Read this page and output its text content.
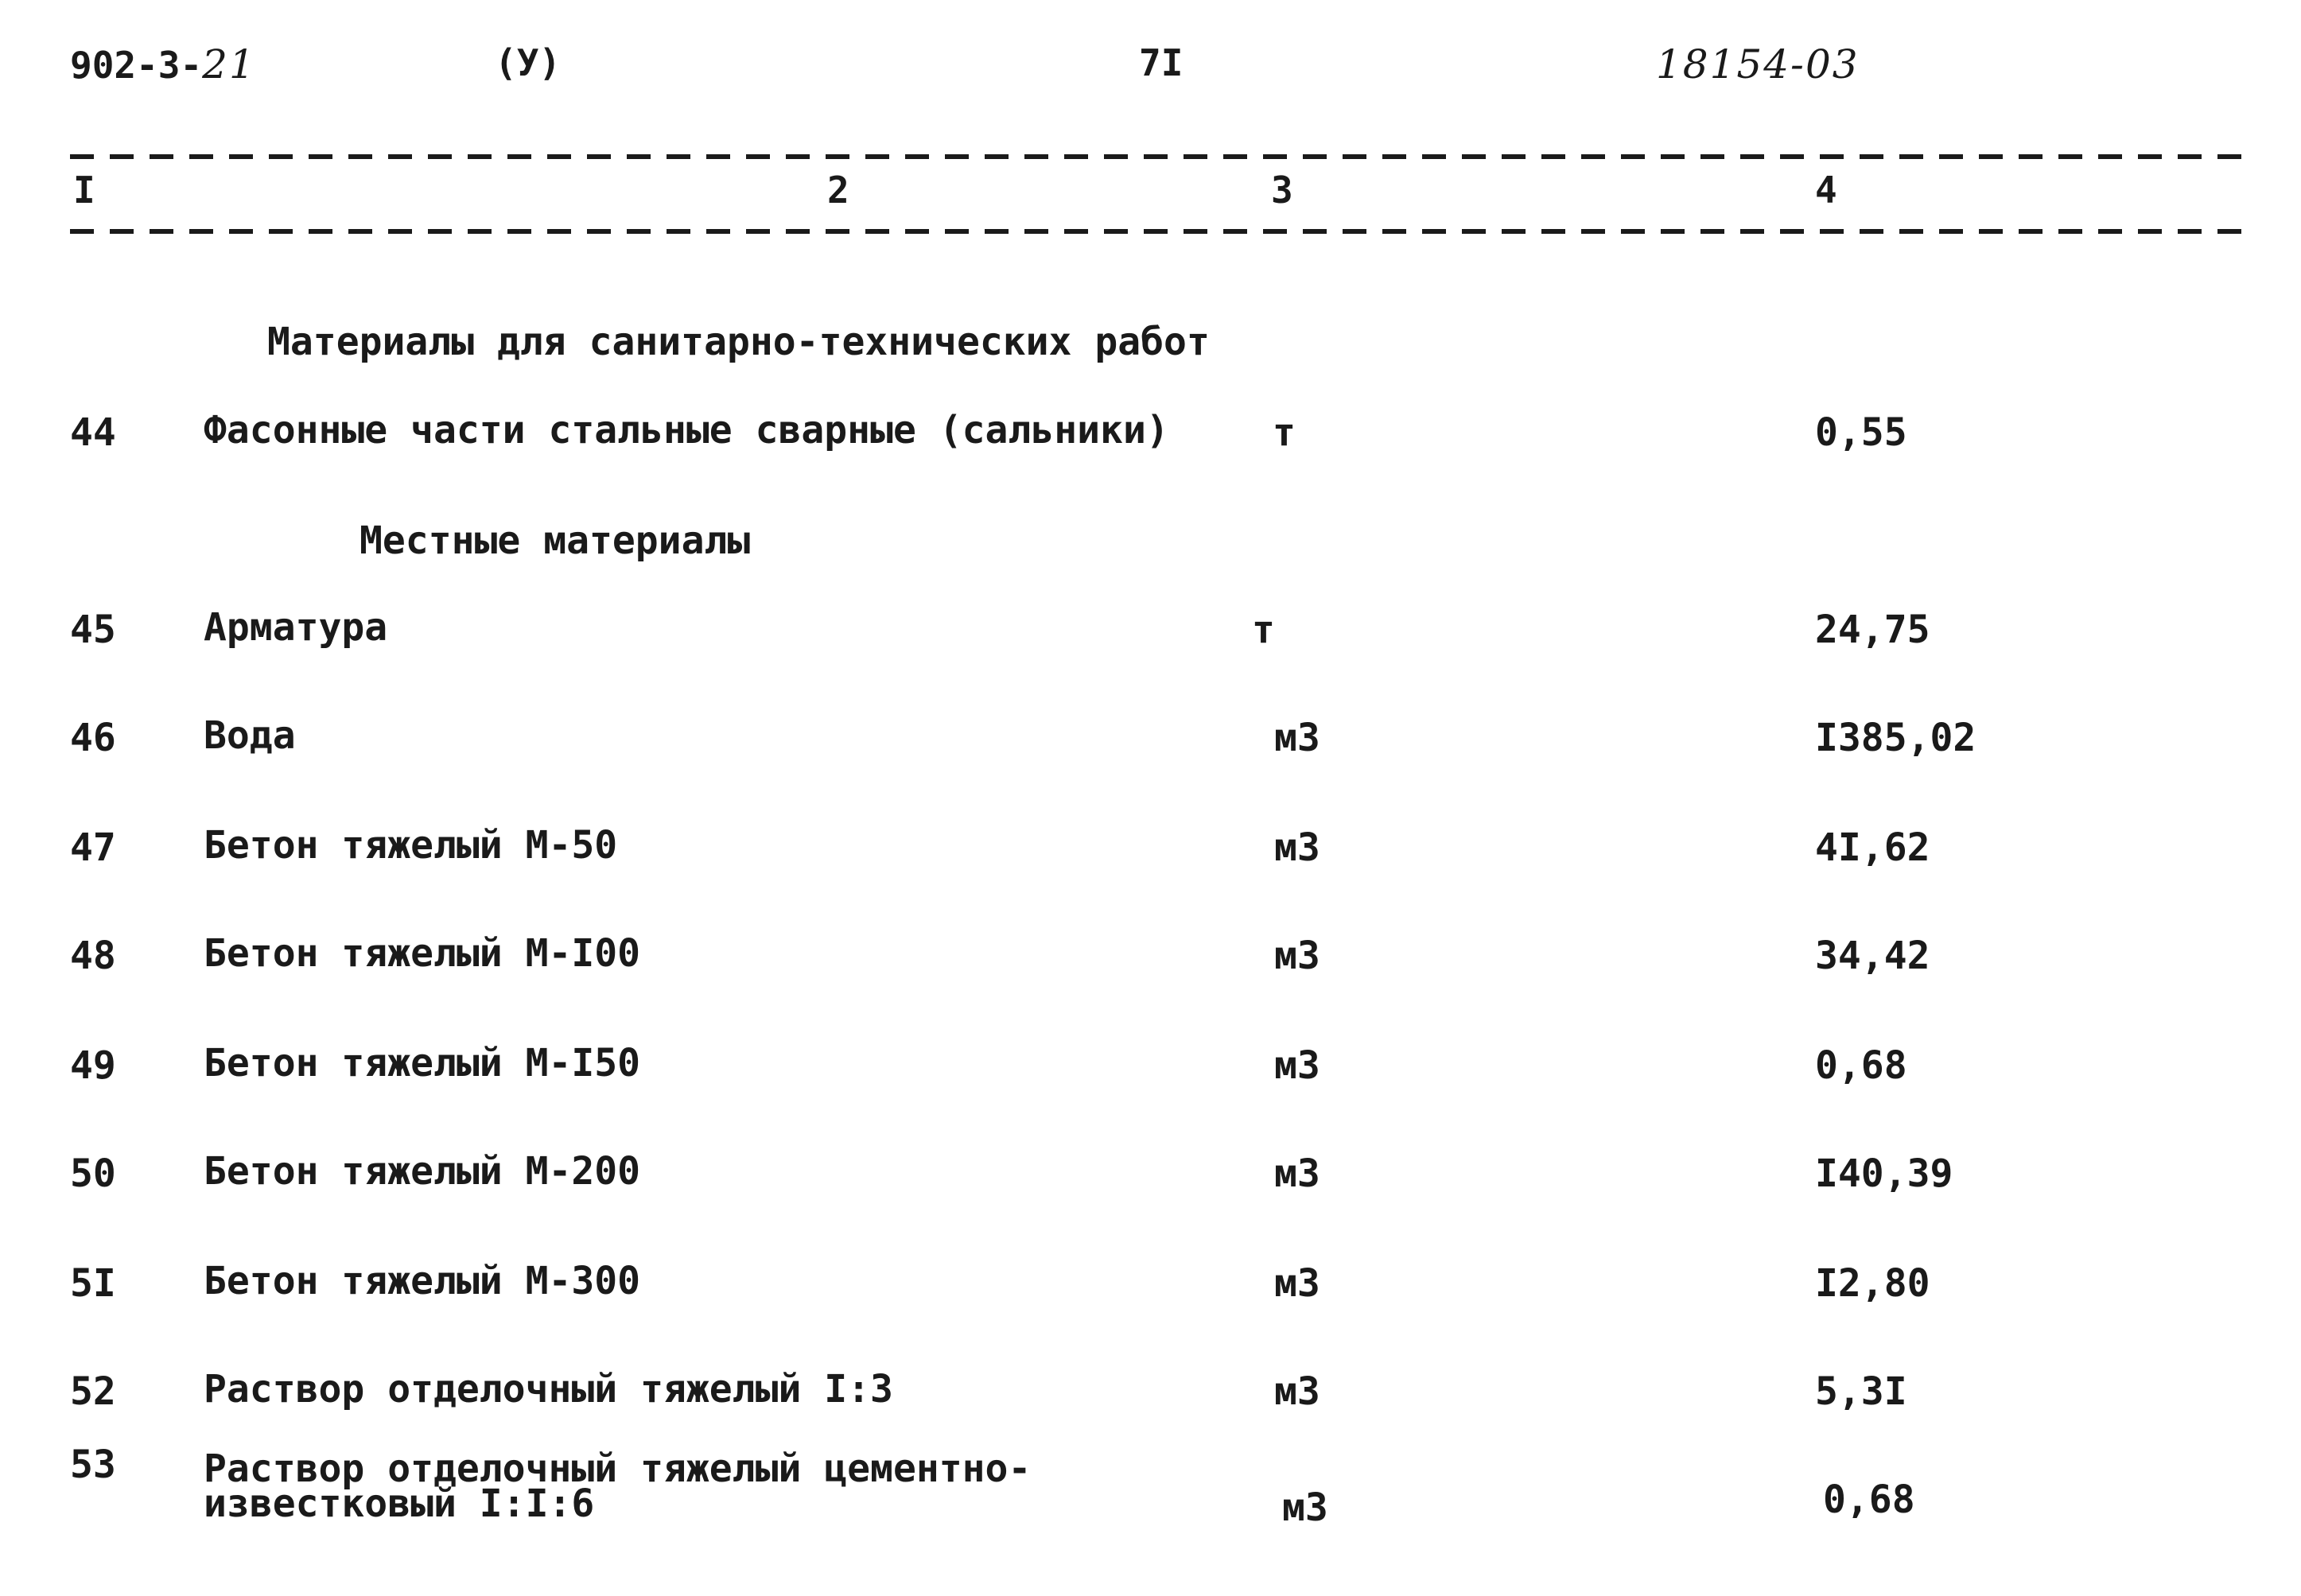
902-3-21	(У)	7I	18154-03
I	2	3	4
Материалы для санитарно-технических работ
44 Фасонные части стальные сварные (сальники)	т	0,55
Местные материалы
45 Арматура	т	24,75
46 Вода	м3	I385,02
47 Бетон тяжелый М-50	м3	4I,62
48 Бетон тяжелый М-I00	м3	34,42
49 Бетон тяжелый М-I50	м3	0,68
50 Бетон тяжелый М-200	м3	I40,39
5I Бетон тяжелый М-300	м3	I2,80
52 Раствор отделочный тяжелый I:3	м3	5,3I
53 Раствор отделочный тяжелый цементно-
известковый I:I:6	м3	0,68
